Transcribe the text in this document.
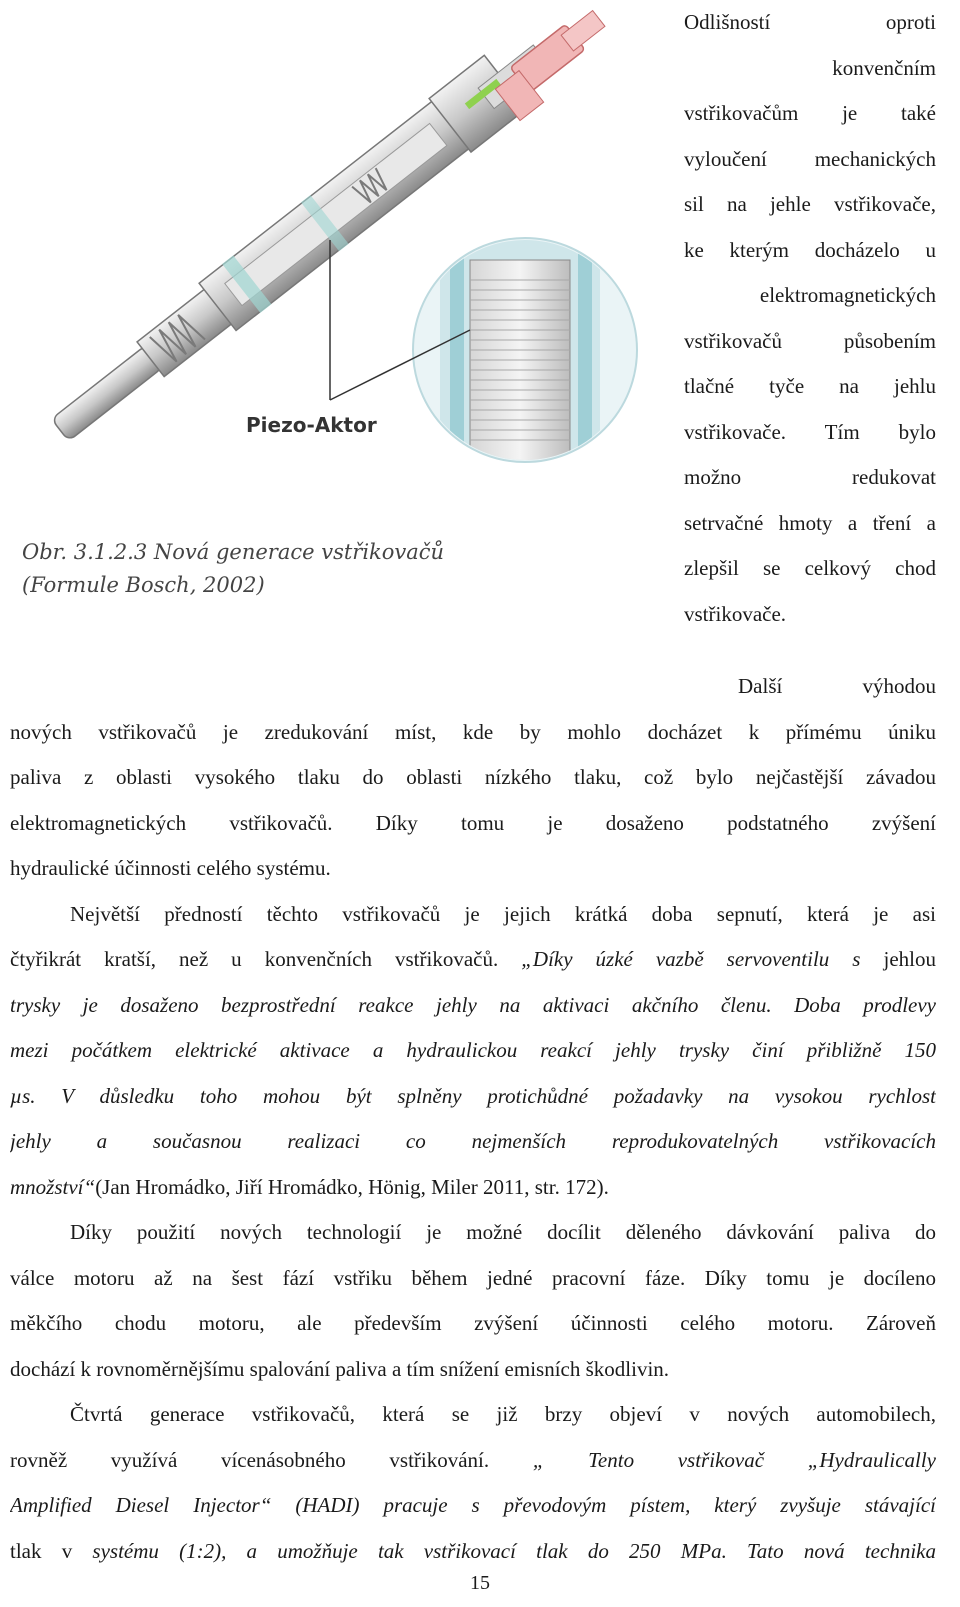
Piezo-Aktor
Obr. 3.1.2.3 Nová generace vstřikovačů
(Formule Bosch, 2002)
Odlišností oproti
konvenčním
vstřikovačům je také
vyloučení mechanických
sil na jehle vstřikovače,
ke kterým docházelo u
elektromagnetických
vstřikovačů působením
tlačné tyče na jehlu
vstřikovače. Tím bylo
možno redukovat
setrvačné hmoty a tření a
zlepšil se celkový chod
vstřikovače.
Další výhodou
nových vstřikovačů je zredukování míst, kde by mohlo docházet k přímému úniku
paliva z oblasti vysokého tlaku do oblasti nízkého tlaku, což bylo nejčastější závadou
elektromagnetických vstřikovačů. Díky tomu je dosaženo podstatného zvýšení
hydraulické účinnosti celého systému.
Největší předností těchto vstřikovačů je jejich krátká doba sepnutí, která je asi
čtyřikrát kratší, než u konvenčních vstřikovačů. „Díky úzké vazbě servoventilu s jehlou
trysky je dosaženo bezprostřední reakce jehly na aktivaci akčního členu. Doba prodlevy
mezi počátkem elektrické aktivace a hydraulickou reakcí jehly trysky činí přibližně 150
µs. V důsledku toho mohou být splněny protichůdné požadavky na vysokou rychlost
jehly a současnou realizaci co nejmenších reprodukovatelných vstřikovacích
množství“(Jan Hromádko, Jiří Hromádko, Hönig, Miler 2011, str. 172).
Díky použití nových technologií je možné docílit děleného dávkování paliva do
válce motoru až na šest fází vstřiku během jedné pracovní fáze. Díky tomu je docíleno
měkčího chodu motoru, ale především zvýšení účinnosti celého motoru. Zároveň
dochází k rovnoměrnějšímu spalování paliva a tím snížení emisních škodlivin.
Čtvrtá generace vstřikovačů, která se již brzy objeví v nových automobilech,
rovněž využívá vícenásobného vstřikování. „ Tento vstřikovač „Hydraulically
Amplified Diesel Injector“ (HADI) pracuje s převodovým pístem, který zvyšuje stávající
tlak v systému (1:2), a umožňuje tak vstřikovací tlak do 250 MPa. Tato nová technika
15
